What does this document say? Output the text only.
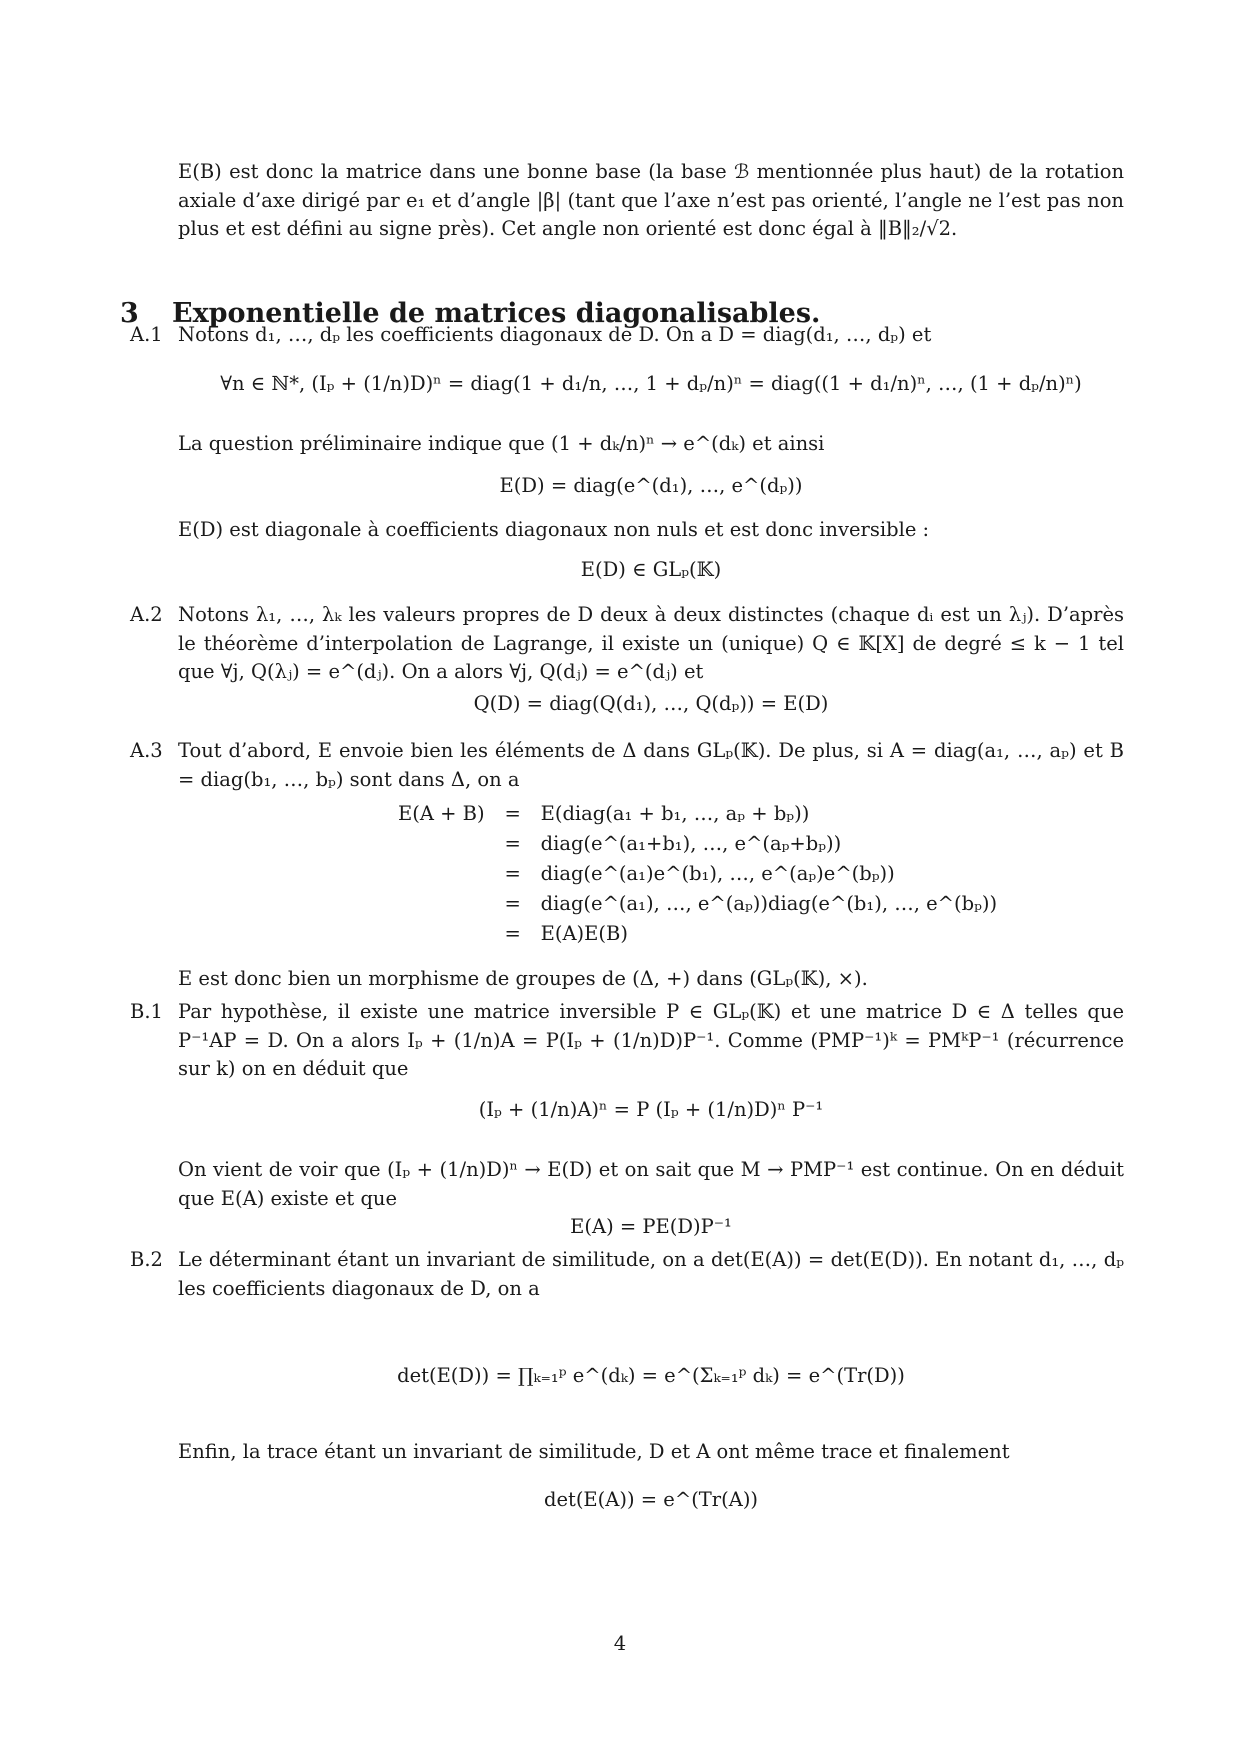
E(B) est donc la matrice dans une bonne base (la base ℬ mentionnée plus haut) de la rotation axiale d’axe dirigé par e₁ et d’angle |β| (tant que l’axe n’est pas orienté, l’angle ne l’est pas non plus et est défini au signe près). Cet angle non orienté est donc égal à ‖B‖₂/√2.
3 Exponentielle de matrices diagonalisables.
A.1 Notons d₁, …, dₚ les coefficients diagonaux de D. On a D = diag(d₁, …, dₚ) et
∀n ∈ ℕ*, (Iₚ + (1/n)D)ⁿ = diag(1 + d₁/n, …, 1 + dₚ/n)ⁿ = diag((1 + d₁/n)ⁿ, …, (1 + dₚ/n)ⁿ)
La question préliminaire indique que (1 + dₖ/n)ⁿ → e^(dₖ) et ainsi
E(D) = diag(e^(d₁), …, e^(dₚ))
E(D) est diagonale à coefficients diagonaux non nuls et est donc inversible :
E(D) ∈ GLₚ(𝕂)
A.2 Notons λ₁, …, λₖ les valeurs propres de D deux à deux distinctes (chaque dᵢ est un λⱼ). D’après le théorème d’interpolation de Lagrange, il existe un (unique) Q ∈ 𝕂[X] de degré ≤ k − 1 tel que ∀j, Q(λⱼ) = e^(dⱼ). On a alors ∀j, Q(dⱼ) = e^(dⱼ) et
Q(D) = diag(Q(d₁), …, Q(dₚ)) = E(D)
A.3 Tout d’abord, E envoie bien les éléments de Δ dans GLₚ(𝕂). De plus, si A = diag(a₁, …, aₚ) et B = diag(b₁, …, bₚ) sont dans Δ, on a
E(A + B)	=	E(diag(a₁ + b₁, …, aₚ + bₚ))
	=	diag(e^(a₁+b₁), …, e^(aₚ+bₚ))
	=	diag(e^(a₁)e^(b₁), …, e^(aₚ)e^(bₚ))
	=	diag(e^(a₁), …, e^(aₚ))diag(e^(b₁), …, e^(bₚ))
	=	E(A)E(B)
E est donc bien un morphisme de groupes de (Δ, +) dans (GLₚ(𝕂), ×).
B.1 Par hypothèse, il existe une matrice inversible P ∈ GLₚ(𝕂) et une matrice D ∈ Δ telles que P⁻¹AP = D. On a alors Iₚ + (1/n)A = P(Iₚ + (1/n)D)P⁻¹. Comme (PMP⁻¹)ᵏ = PMᵏP⁻¹ (récurrence sur k) on en déduit que
(Iₚ + (1/n)A)ⁿ = P (Iₚ + (1/n)D)ⁿ P⁻¹
On vient de voir que (Iₚ + (1/n)D)ⁿ → E(D) et on sait que M → PMP⁻¹ est continue. On en déduit que E(A) existe et que
E(A) = PE(D)P⁻¹
B.2 Le déterminant étant un invariant de similitude, on a det(E(A)) = det(E(D)). En notant d₁, …, dₚ les coefficients diagonaux de D, on a
det(E(D)) = ∏ₖ₌₁ᵖ e^(dₖ) = e^(Σₖ₌₁ᵖ dₖ) = e^(Tr(D))
Enfin, la trace étant un invariant de similitude, D et A ont même trace et finalement
det(E(A)) = e^(Tr(A))
4
